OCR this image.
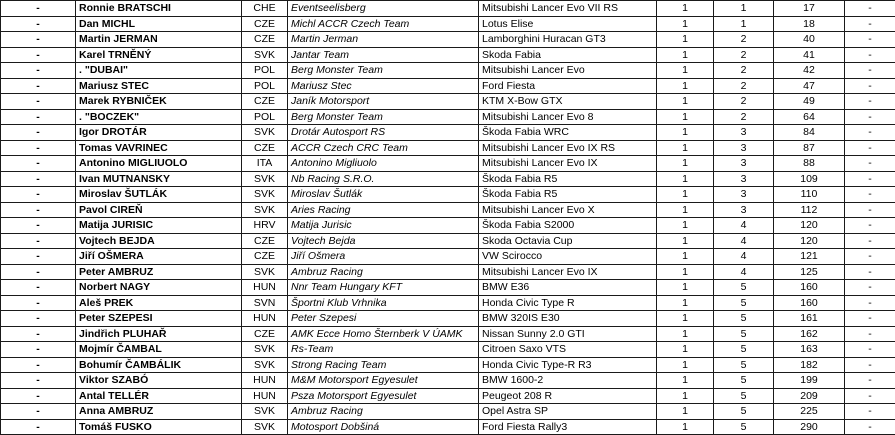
-	Ronnie BRATSCHI	CHE	Eventseelisberg	Mitsubishi Lancer Evo VII RS	1	1	17	-
-	Dan MICHL	CZE	Michl ACCR Czech Team	Lotus Elise	1	1	18	-
-	Martin JERMAN	CZE	Martin Jerman	Lamborghini Huracan GT3	1	2	40	-
-	Karel TRNĚNÝ	SVK	Jantar Team	Skoda Fabia	1	2	41	-
-	. "DUBAI"	POL	Berg Monster Team	Mitsubishi Lancer Evo	1	2	42	-
-	Mariusz STEC	POL	Mariusz Stec	Ford Fiesta	1	2	47	-
-	Marek RYBNIČEK	CZE	Janík Motorsport	KTM X-Bow GTX	1	2	49	-
-	. "BOCZEK"	POL	Berg Monster Team	Mitsubishi Lancer Evo 8	1	2	64	-
-	Igor DROTÁR	SVK	Drotár Autosport RS	Škoda Fabia WRC	1	3	84	-
-	Tomas VAVRINEC	CZE	ACCR Czech CRC Team	Mitsubishi Lancer Evo IX RS	1	3	87	-
-	Antonino MIGLIUOLO	ITA	Antonino Migliuolo	Mitsubishi Lancer Evo IX	1	3	88	-
-	Ivan MUTNANSKY	SVK	Nb Racing S.R.O.	Škoda Fabia R5	1	3	109	-
-	Miroslav ŠUTLÁK	SVK	Miroslav Šutlák	Škoda Fabia R5	1	3	110	-
-	Pavol CIREŇ	SVK	Aries Racing	Mitsubishi Lancer Evo X	1	3	112	-
-	Matija JURISIC	HRV	Matija Jurisic	Škoda Fabia S2000	1	4	120	-
-	Vojtech BEJDA	CZE	Vojtech Bejda	Skoda Octavia Cup	1	4	120	-
-	Jiří OŠMERA	CZE	Jiří Ošmera	VW Scirocco	1	4	121	-
-	Peter AMBRUZ	SVK	Ambruz Racing	Mitsubishi Lancer Evo IX	1	4	125	-
-	Norbert NAGY	HUN	Nnr Team Hungary KFT	BMW E36	1	5	160	-
-	Aleš PREK	SVN	Športni Klub Vrhnika	Honda Civic Type R	1	5	160	-
-	Peter SZEPESI	HUN	Peter Szepesi	BMW 320IS E30	1	5	161	-
-	Jindřich PLUHAŘ	CZE	AMK Ecce Homo Šternberk V ÚAMK	Nissan Sunny 2.0 GTI	1	5	162	-
-	Mojmír ČAMBAL	SVK	Rs-Team	Citroen Saxo VTS	1	5	163	-
-	Bohumír ČAMBÁLIK	SVK	Strong Racing Team	Honda Civic Type-R R3	1	5	182	-
-	Viktor SZABÓ	HUN	M&M Motorsport Egyesulet	BMW 1600-2	1	5	199	-
-	Antal TELLÉR	HUN	Psza Motorsport Egyesulet	Peugeot 208 R	1	5	209	-
-	Anna AMBRUZ	SVK	Ambruz Racing	Opel Astra SP	1	5	225	-
-	Tomáš FUSKO	SVK	Motosport Dobšiná	Ford Fiesta Rally3	1	5	290	-
